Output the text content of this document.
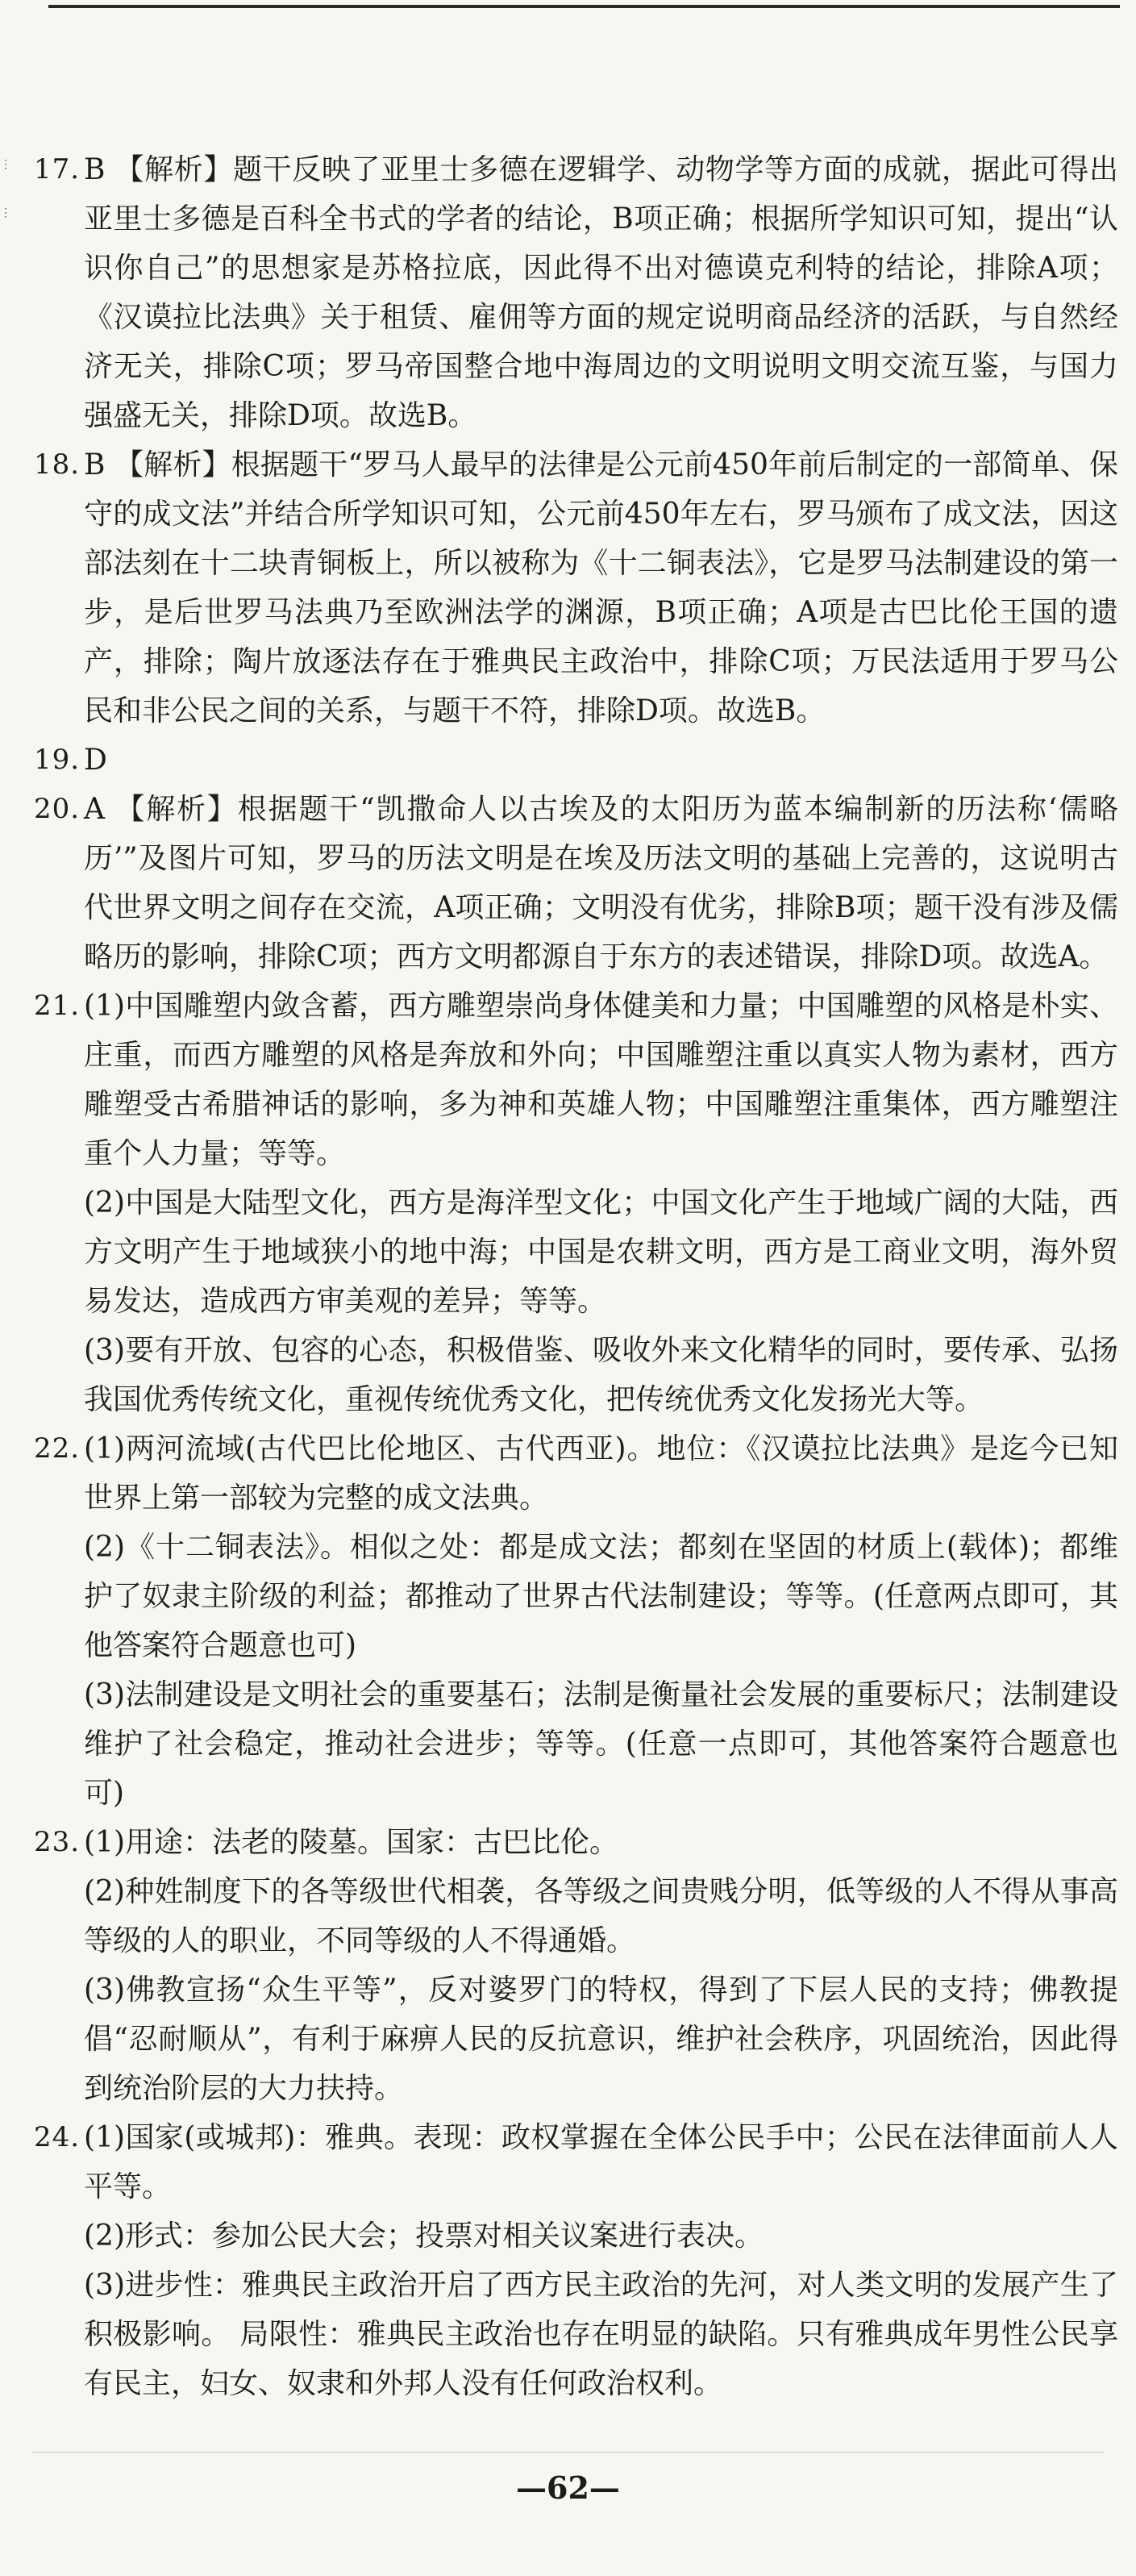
⋮
⋮
17. B 【解析】题干反映了亚里士多德在逻辑学、动物学等方面的成就，据此可得出亚里士多德是百科全书式的学者的结论，B项正确；根据所学知识可知，提出“认识你自己”的思想家是苏格拉底，因此得不出对德谟克利特的结论，排除A项；《汉谟拉比法典》关于租赁、雇佣等方面的规定说明商品经济的活跃，与自然经济无关，排除C项；罗马帝国整合地中海周边的文明说明文明交流互鉴，与国力强盛无关，排除D项。故选B。
18. B 【解析】根据题干“罗马人最早的法律是公元前450年前后制定的一部简单、保守的成文法”并结合所学知识可知，公元前450年左右，罗马颁布了成文法，因这部法刻在十二块青铜板上，所以被称为《十二铜表法》，它是罗马法制建设的第一步，是后世罗马法典乃至欧洲法学的渊源，B项正确；A项是古巴比伦王国的遗产，排除；陶片放逐法存在于雅典民主政治中，排除C项；万民法适用于罗马公民和非公民之间的关系，与题干不符，排除D项。故选B。
19. D
20. A 【解析】根据题干“凯撒命人以古埃及的太阳历为蓝本编制新的历法称‘儒略历’”及图片可知，罗马的历法文明是在埃及历法文明的基础上完善的，这说明古代世界文明之间存在交流，A项正确；文明没有优劣，排除B项；题干没有涉及儒略历的影响，排除C项；西方文明都源自于东方的表述错误，排除D项。故选A。
21. (1)中国雕塑内敛含蓄，西方雕塑崇尚身体健美和力量；中国雕塑的风格是朴实、庄重，而西方雕塑的风格是奔放和外向；中国雕塑注重以真实人物为素材，西方雕塑受古希腊神话的影响，多为神和英雄人物；中国雕塑注重集体，西方雕塑注重个人力量；等等。
(2)中国是大陆型文化，西方是海洋型文化；中国文化产生于地域广阔的大陆，西方文明产生于地域狭小的地中海；中国是农耕文明，西方是工商业文明，海外贸易发达，造成西方审美观的差异；等等。
(3)要有开放、包容的心态，积极借鉴、吸收外来文化精华的同时，要传承、弘扬我国优秀传统文化，重视传统优秀文化，把传统优秀文化发扬光大等。
22. (1)两河流域(古代巴比伦地区、古代西亚)。地位：《汉谟拉比法典》是迄今已知世界上第一部较为完整的成文法典。
(2)《十二铜表法》。相似之处：都是成文法；都刻在坚固的材质上(载体)；都维护了奴隶主阶级的利益；都推动了世界古代法制建设；等等。(任意两点即可，其他答案符合题意也可)
(3)法制建设是文明社会的重要基石；法制是衡量社会发展的重要标尺；法制建设维护了社会稳定，推动社会进步；等等。(任意一点即可，其他答案符合题意也可)
23. (1)用途：法老的陵墓。国家：古巴比伦。
(2)种姓制度下的各等级世代相袭，各等级之间贵贱分明，低等级的人不得从事高等级的人的职业，不同等级的人不得通婚。
(3)佛教宣扬“众生平等”，反对婆罗门的特权，得到了下层人民的支持；佛教提倡“忍耐顺从”，有利于麻痹人民的反抗意识，维护社会秩序，巩固统治，因此得到统治阶层的大力扶持。
24. (1)国家(或城邦)：雅典。表现：政权掌握在全体公民手中；公民在法律面前人人平等。
(2)形式：参加公民大会；投票对相关议案进行表决。
(3)进步性：雅典民主政治开启了西方民主政治的先河，对人类文明的发展产生了积极影响。 局限性：雅典民主政治也存在明显的缺陷。只有雅典成年男性公民享有民主，妇女、奴隶和外邦人没有任何政治权利。
—62—
